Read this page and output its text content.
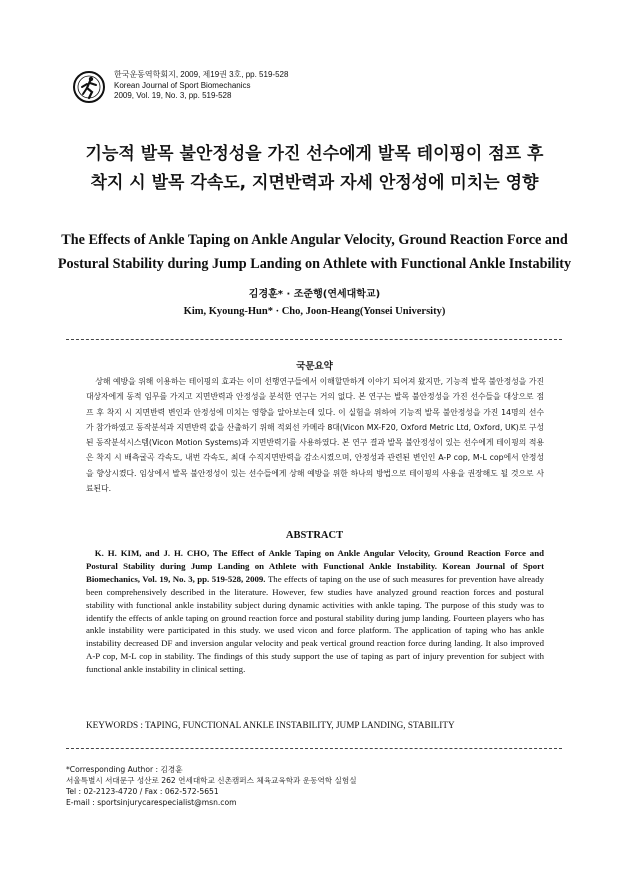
한국운동역학회지, 2009, 제19권 3호, pp. 519-528
Korean Journal of Sport Biomechanics
2009, Vol. 19, No. 3, pp. 519-528
기능적 발목 불안정성을 가진 선수에게 발목 테이핑이 점프 후
착지 시 발목 각속도, 지면반력과 자세 안정성에 미치는 영향
The Effects of Ankle Taping on Ankle Angular Velocity, Ground Reaction Force and
Postural Stability during Jump Landing on Athlete with Functional Ankle Instability
김경훈* · 조준행(연세대학교)
Kim, Kyoung-Hun* · Cho, Joon-Heang(Yonsei University)
국문요약
상해 예방을 위해 이용하는 테이핑의 효과는 이미 선행연구들에서 이해할만하게 이야기 되어져 왔지만, 기능적 발목 불안정성을 가진 대상자에게 동적 임무를 가지고 지면반력과 안정성을 분석한 연구는 거의 없다. 본 연구는 발목 불안정성을 가진 선수들을 대상으로 점프 후 착지 시 지면반력 변인과 안정성에 미치는 영향을 알아보는데 있다. 이 실험을 위하여 기능적 발목 불안정성을 가진 14명의 선수가 참가하였고 동작분석과 지면반력 값을 산출하기 위해 적외선 카메라 8대(Vicon MX-F20, Oxford Metric Ltd, Oxford, UK)로 구성된 동작분석시스템(Vicon Motion Systems)과 지면반력기를 사용하였다. 본 연구 결과 발목 불안정성이 있는 선수에게 테이핑의 적용은 착지 시 배측굴곡 각속도, 내번 각속도, 최대 수직지면반력을 감소시켰으며, 안정성과 관련된 변인인 A-P cop, M-L cop에서 안정성을 향상시켰다. 임상에서 발목 불안정성이 있는 선수들에게 상해 예방을 위한 하나의 방법으로 테이핑의 사용을 권장해도 될 것으로 사료된다.
ABSTRACT
K. H. KIM, and J. H. CHO, The Effect of Ankle Taping on Ankle Angular Velocity, Ground Reaction Force and Postural Stability during Jump Landing on Athlete with Functional Ankle Instability. Korean Journal of Sport Biomechanics, Vol. 19, No. 3, pp. 519-528, 2009. The effects of taping on the use of such measures for prevention have already been comprehensively described in the literature. However, few studies have analyzed ground reaction forces and postural stability with functional ankle instability subject during dynamic activities with ankle taping. The purpose of this study was to identify the effects of ankle taping on ground reaction force and postural stability during jump landing. Fourteen players who has ankle instability were participated in this study. we used vicon and force platform. The application of taping who has ankle instability decreased DF and inversion angular velocity and peak vertical ground reaction force during landing. It also improved A-P cop, M-L cop in stability. The findings of this study support the use of taping as part of injury prevention for subject with functional ankle instability in clinical setting.
KEYWORDS : TAPING, FUNCTIONAL ANKLE INSTABILITY, JUMP LANDING, STABILITY
*Corresponding Author : 김경훈
서울특별시 서대문구 성산로 262 연세대학교 신촌캠퍼스 체육교육학과 운동역학 실험실
Tel : 02-2123-4720 / Fax : 062-572-5651
E-mail : sportsinjurycarespecialist@msn.com
